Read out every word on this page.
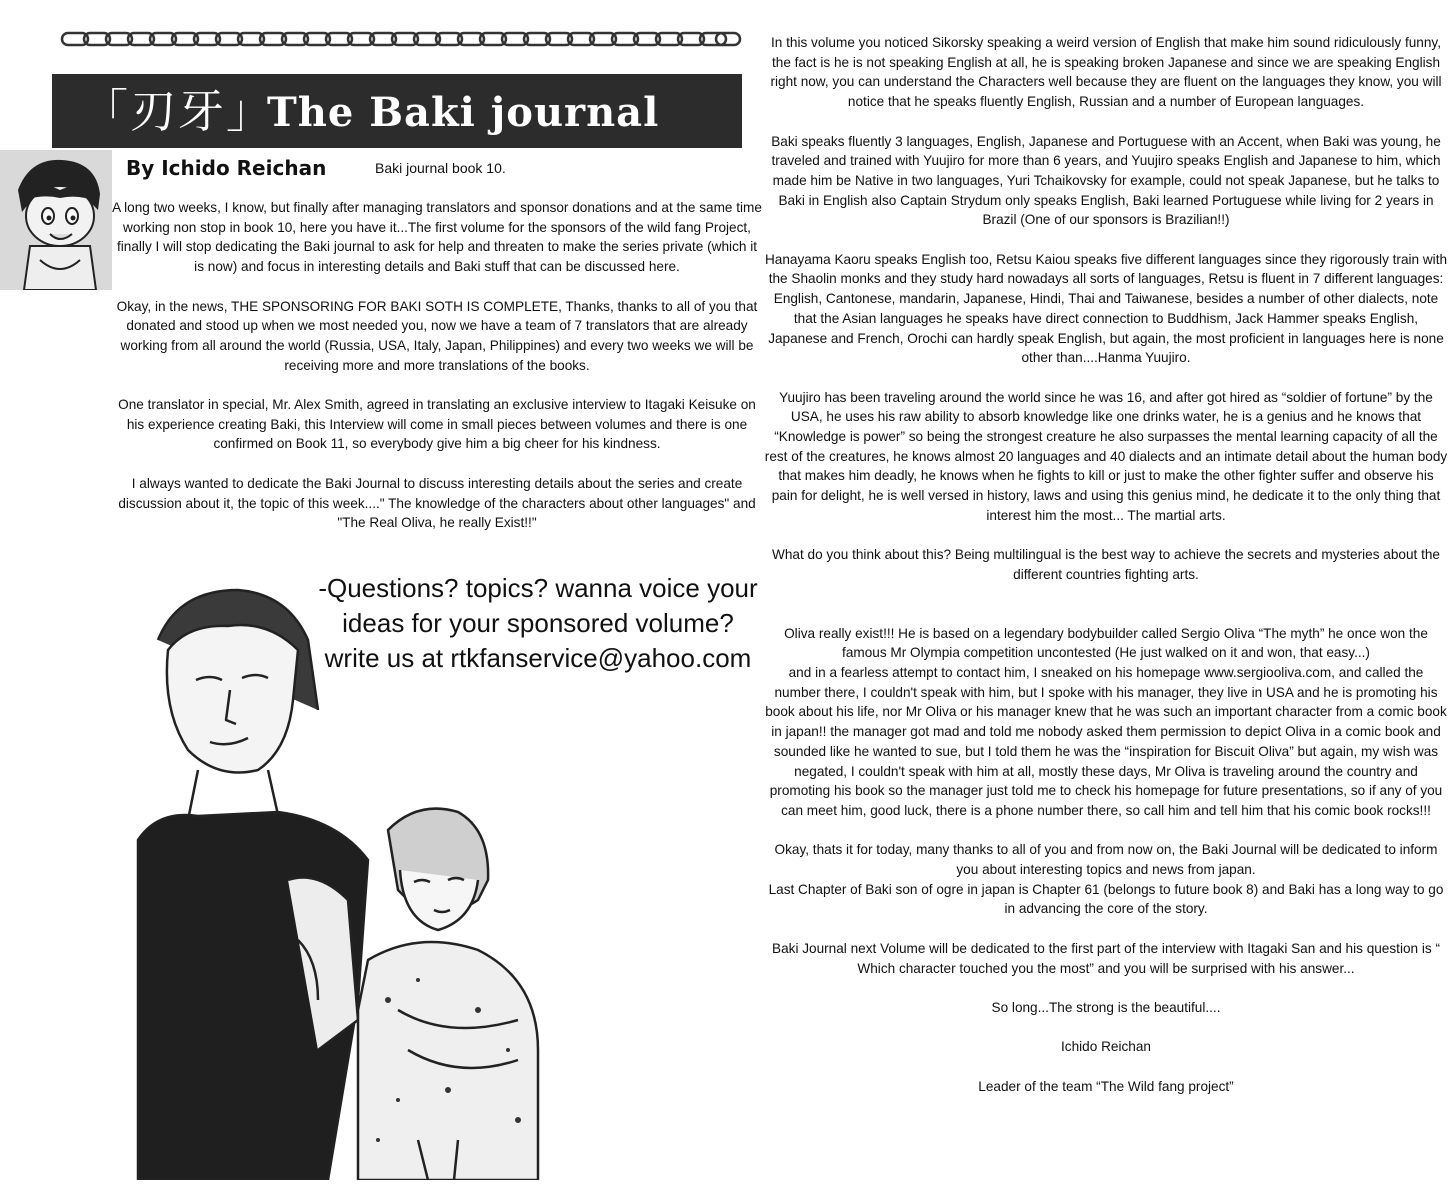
「刃牙」
The Baki journal
By Ichido Reichan	Baki journal book 10.

A long two weeks, I know, but finally after managing translators and sponsor donations and at the same time working non stop in book 10, here you have it...The first volume for the sponsors of the wild fang Project, finally I will stop dedicating the Baki journal to ask for help and threaten to make the series private (which it is now) and focus in interesting details and Baki stuff that can be discussed here.

Okay, in the news, THE SPONSORING FOR BAKI SOTH IS COMPLETE, Thanks, thanks to all of you that donated and stood up when we most needed you, now we have a team of 7 translators that are already working from all around the world (Russia, USA, Italy, Japan, Philippines) and every two weeks we will be receiving more and more translations of the books.

One translator in special, Mr. Alex Smith, agreed in translating an exclusive interview to Itagaki Keisuke on his experience creating Baki, this Interview will come in small pieces between volumes and there is one confirmed on Book 11, so everybody give him a big cheer for his kindness.

I always wanted to dedicate the Baki Journal to discuss interesting details about the series and create discussion about it, the topic of this week...." The knowledge of the characters about other languages" and "The Real Oliva, he really Exist!!"

-Questions? topics? wanna voice your ideas for your sponsored volume? write us at rtkfanservice@yahoo.com

In this volume you noticed Sikorsky speaking a weird version of English that make him sound ridiculously funny, the fact is he is not speaking English at all, he is speaking broken Japanese and since we are speaking English right now, you can understand the Characters well because they are fluent on the languages they know, you will notice that he speaks fluently English, Russian and a number of European languages.

Baki speaks fluently 3 languages, English, Japanese and Portuguese with an Accent, when Baki was young, he traveled and trained with Yuujiro for more than 6 years, and Yuujiro speaks English and Japanese to him, which made him be Native in two languages, Yuri Tchaikovsky for example, could not speak Japanese, but he talks to Baki in English also Captain Strydum only speaks English, Baki learned Portuguese while living for 2 years in Brazil (One of our sponsors is Brazilian!!)

Hanayama Kaoru speaks English too, Retsu Kaiou speaks five different languages since they rigorously train with the Shaolin monks and they study hard nowadays all sorts of languages, Retsu is fluent in 7 different languages: English, Cantonese, mandarin, Japanese, Hindi, Thai and Taiwanese, besides a number of other dialects, note that the Asian languages he speaks have direct connection to Buddhism, Jack Hammer speaks English, Japanese and French, Orochi can hardly speak English, but again, the most proficient in languages here is none other than....Hanma Yuujiro.

Yuujiro has been traveling around the world since he was 16, and after got hired as “soldier of fortune” by the USA, he uses his raw ability to absorb knowledge like one drinks water, he is a genius and he knows that “Knowledge is power” so being the strongest creature he also surpasses the mental learning capacity of all the rest of the creatures, he knows almost 20 languages and 40 dialects and an intimate detail about the human body that makes him deadly, he knows when he fights to kill or just to make the other fighter suffer and observe his pain for delight, he is well versed in history, laws and using this genius mind, he dedicate it to the only thing that interest him the most... The martial arts.

What do you think about this? Being multilingual is the best way to achieve the secrets and mysteries about the different countries fighting arts.

Oliva really exist!!! He is based on a legendary bodybuilder called Sergio Oliva “The myth” he once won the famous Mr Olympia competition uncontested (He just walked on it and won, that easy...)

and in a fearless attempt to contact him, I sneaked on his homepage www.sergiooliva.com, and called the number there, I couldn't speak with him, but I spoke with his manager, they live in USA and he is promoting his book about his life, nor Mr Oliva or his manager knew that he was such an important character from a comic book in japan!! the manager got mad and told me nobody asked them permission to depict Oliva in a comic book and sounded like he wanted to sue, but I told them he was the “inspiration for Biscuit Oliva” but again, my wish was negated, I couldn't speak with him at all, mostly these days, Mr Oliva is traveling around the country and promoting his book so the manager just told me to check his homepage for future presentations, so if any of you can meet him, good luck, there is a phone number there, so call him and tell him that his comic book rocks!!!

Okay, thats it for today, many thanks to all of you and from now on, the Baki Journal will be dedicated to inform you about interesting topics and news from japan.

Last Chapter of Baki son of ogre in japan is Chapter 61 (belongs to future book 8) and Baki has a long way to go in advancing the core of the story.

Baki Journal next Volume will be dedicated to the first part of the interview with Itagaki San and his question is “ Which character touched you the most” and you will be surprised with his answer...

So long...The strong is the beautiful....

Ichido Reichan

Leader of the team “The Wild fang project”
